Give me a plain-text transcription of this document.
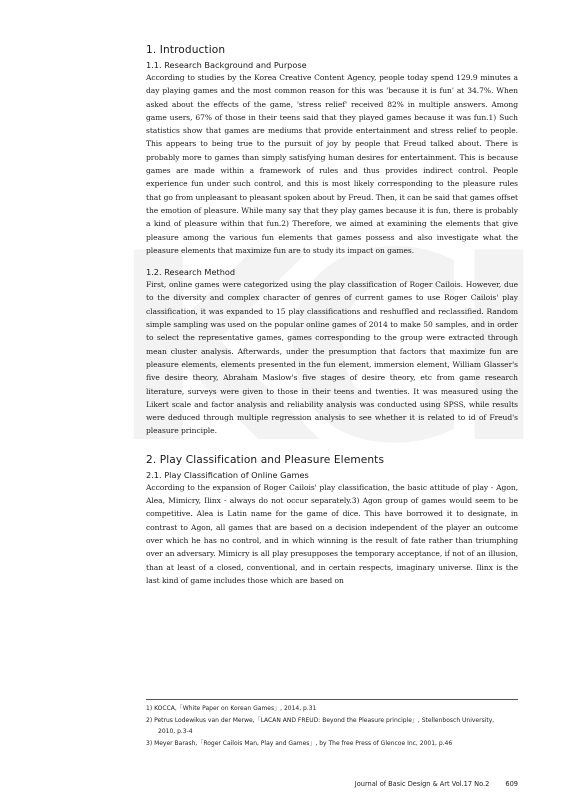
1. Introduction
1.1. Research Background and Purpose

According to studies by the Korea Creative Content Agency, people today spend 129.9 minutes a day playing games and the most common reason for this was 'because it is fun' at 34.7%. When asked about the effects of the game, 'stress relief' received 82% in multiple answers. Among game users, 67% of those in their teens said that they played games because it was fun.1) Such statistics show that games are mediums that provide entertainment and stress relief to people. This appears to being true to the pursuit of joy by people that Freud talked about. There is probably more to games than simply satisfying human desires for entertainment. This is because games are made within a framework of rules and thus provides indirect control. People experience fun under such control, and this is most likely corresponding to the pleasure rules that go from unpleasant to pleasant spoken about by Freud. Then, it can be said that games offset the emotion of pleasure. While many say that they play games because it is fun, there is probably a kind of pleasure within that fun.2) Therefore, we aimed at examining the elements that give pleasure among the various fun elements that games possess and also investigate what the pleasure elements that maximize fun are to study its impact on games.

1.2. Research Method

First, online games were categorized using the play classification of Roger Cailois. However, due to the diversity and complex character of genres of current games to use Roger Cailois' play classification, it was expanded to 15 play classifications and reshuffled and reclassified. Random simple sampling was used on the popular online games of 2014 to make 50 samples, and in order to select the representative games, games corresponding to the group were extracted through mean cluster analysis. Afterwards, under the presumption that factors that maximize fun are pleasure elements, elements presented in the fun element, immersion element, William Glasser's five desire theory, Abraham Maslow's five stages of desire theory, etc from game research literature, surveys were given to those in their teens and twenties. It was measured using the Likert scale and factor analysis and reliability analysis was conducted using SPSS, while results were deduced through multiple regression analysis to see whether it is related to id of Freud's pleasure principle.

2. Play Classification and Pleasure Elements
2.1. Play Classification of Online Games

According to the expansion of Roger Cailois' play classification, the basic attitude of play - Agon, Alea, Mimicry, Ilinx - always do not occur separately.3) Agon group of games would seem to be competitive. Alea is Latin name for the game of dice. This have borrowed it to designate, in contrast to Agon, all games that are based on a decision independent of the player an outcome over which he has no control, and in which winning is the result of fate rather than triumphing over an adversary. Mimicry is all play presupposes the temporary acceptance, if not of an illusion, than at least of a closed, conventional, and in certain respects, imaginary universe. Ilinx is the last kind of game includes those which are based on

1) KOCCA,「White Paper on Korean Games」, 2014, p.31
2) Petrus Lodewikus van der Merwe,「LACAN AND FREUD: Beyond the Pleasure principle」, Stellenbosch University,
2010, p.3-4
3) Meyer Barash,「Roger Cailois Man, Play and Games」, by The free Press of Glencoe Inc, 2001, p.46
Journal of Basic Design & Art Vol.17 No.2 609
